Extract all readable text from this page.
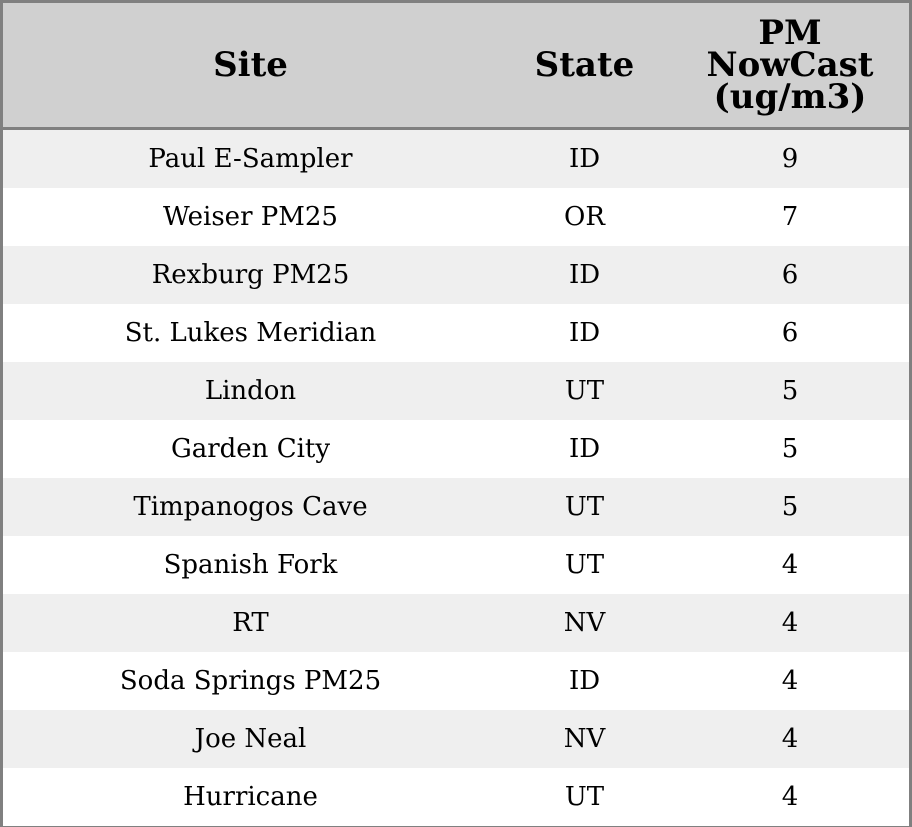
Site	State	PM
NowCast
(ug/m3)

Paul E-Sampler	ID	9
Weiser PM25	OR	7
Rexburg PM25	ID	6
St. Lukes Meridian	ID	6
Lindon	UT	5
Garden City	ID	5
Timpanogos Cave	UT	5
Spanish Fork	UT	4
RT	NV	4
Soda Springs PM25	ID	4
Joe Neal	NV	4
Hurricane	UT	4
